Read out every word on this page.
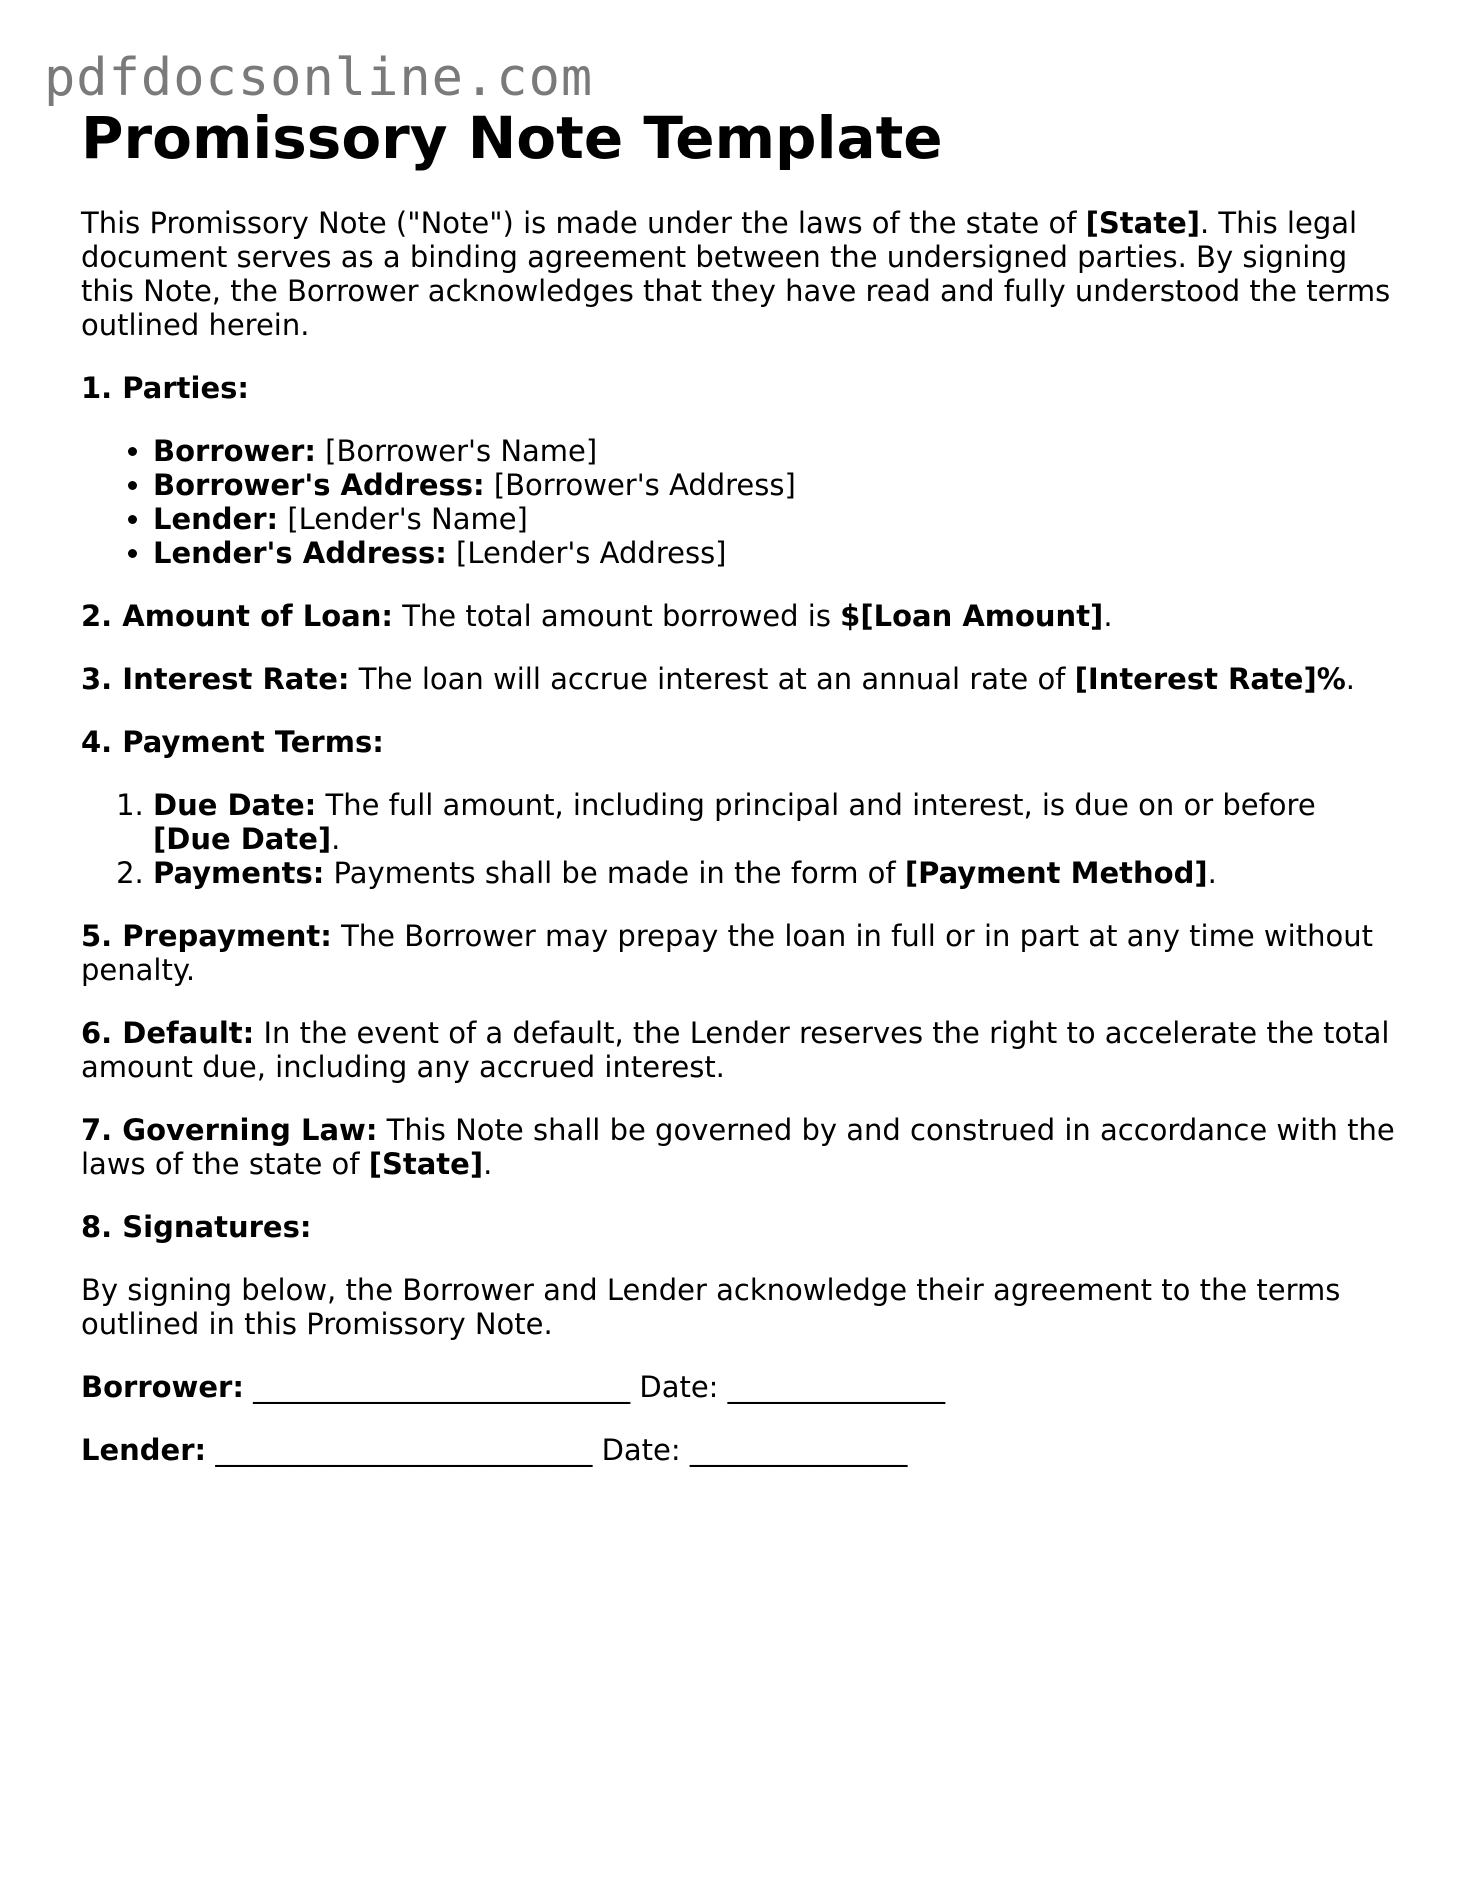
pdfdocsonline.com
Promissory Note Template

This Promissory Note ("Note") is made under the laws of the state of [State]. This legal document serves as a binding agreement between the undersigned parties. By signing this Note, the Borrower acknowledges that they have read and fully understood the terms outlined herein.

1. Parties:

• Borrower: [Borrower's Name]
• Borrower's Address: [Borrower's Address]
• Lender: [Lender's Name]
• Lender's Address: [Lender's Address]

2. Amount of Loan: The total amount borrowed is $[Loan Amount].

3. Interest Rate: The loan will accrue interest at an annual rate of [Interest Rate]%.

4. Payment Terms:

1. Due Date: The full amount, including principal and interest, is due on or before [Due Date].
2. Payments: Payments shall be made in the form of [Payment Method].

5. Prepayment: The Borrower may prepay the loan in full or in part at any time without penalty.

6. Default: In the event of a default, the Lender reserves the right to accelerate the total amount due, including any accrued interest.

7. Governing Law: This Note shall be governed by and construed in accordance with the laws of the state of [State].

8. Signatures:

By signing below, the Borrower and Lender acknowledge their agreement to the terms outlined in this Promissory Note.

Borrower: __________________________ Date: _______________

Lender: __________________________ Date: _______________
